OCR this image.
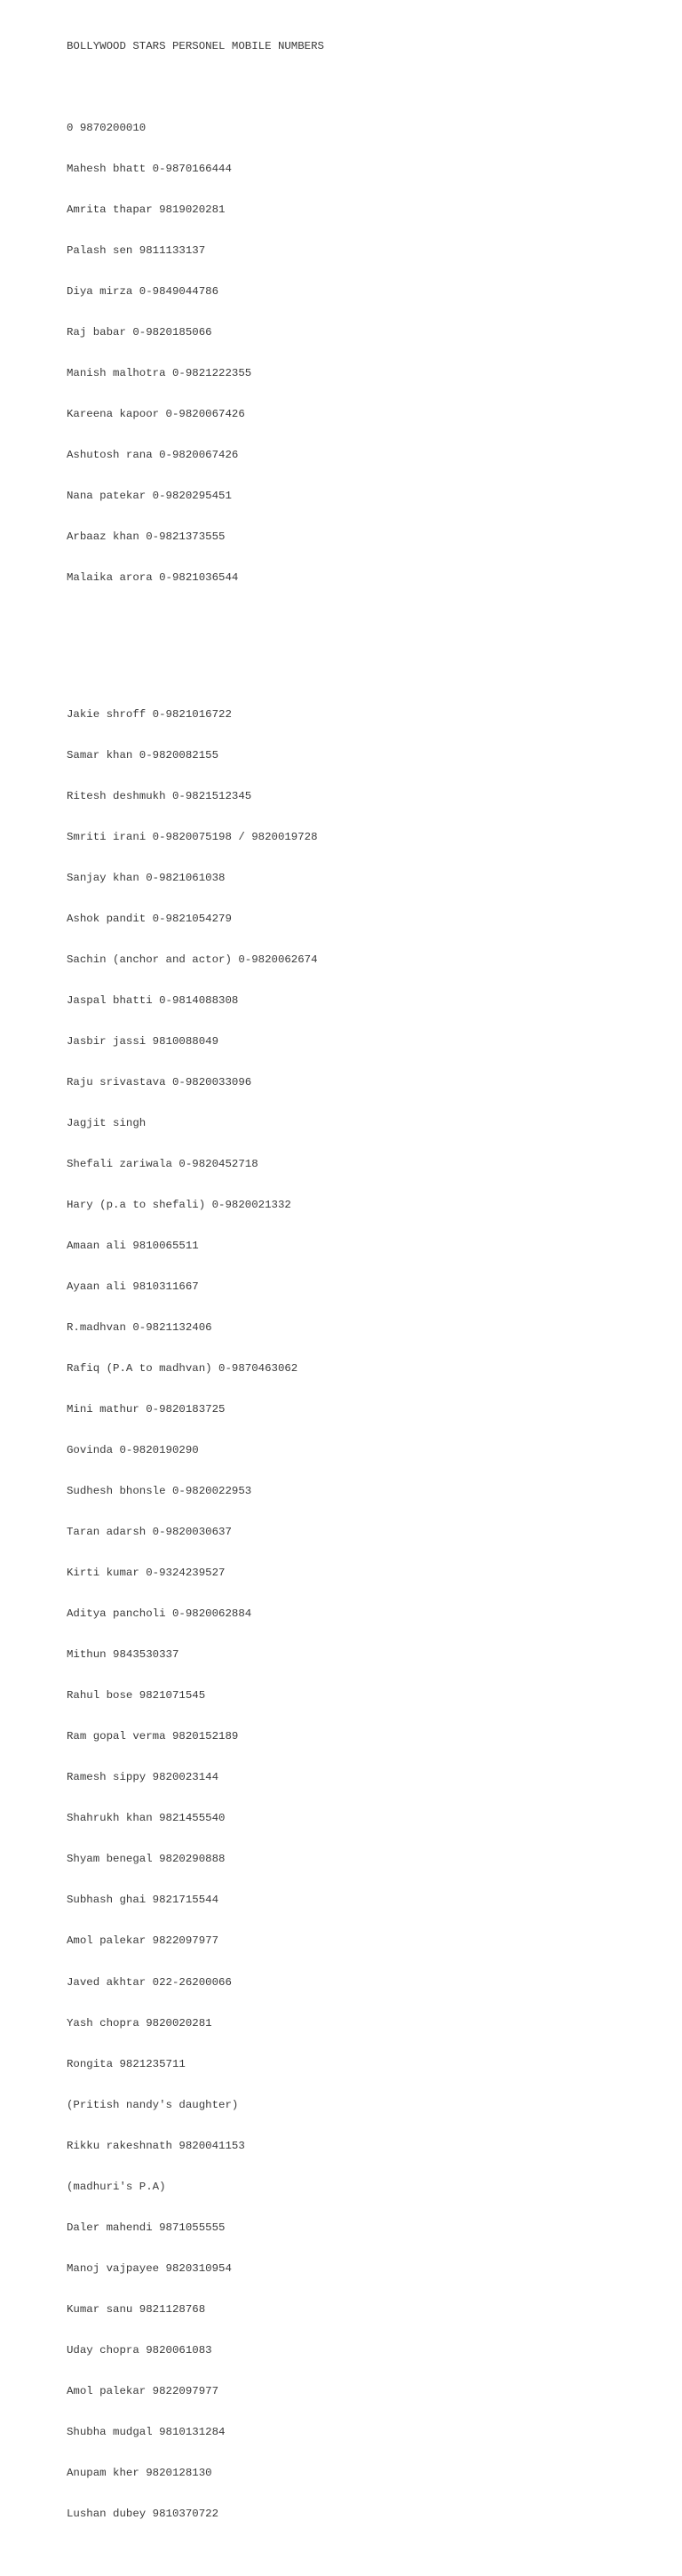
BOLLYWOOD STARS PERSONEL MOBILE NUMBERS

0 9870200010

Mahesh bhatt 0-9870166444

Amrita thapar 9819020281

Palash sen 9811133137

Diya mirza 0-9849044786

Raj babar 0-9820185066

Manish malhotra 0-9821222355

Kareena kapoor 0-9820067426

Ashutosh rana 0-9820067426

Nana patekar 0-9820295451

Arbaaz khan 0-9821373555

Malaika arora 0-9821036544

Jakie shroff 0-9821016722

Samar khan 0-9820082155

Ritesh deshmukh 0-9821512345

Smriti irani 0-9820075198 / 9820019728

Sanjay khan 0-9821061038

Ashok pandit 0-9821054279

Sachin (anchor and actor) 0-9820062674

Jaspal bhatti 0-9814088308

Jasbir jassi 9810088049

Raju srivastava 0-9820033096

Jagjit singh

Shefali zariwala 0-9820452718

Hary (p.a to shefali) 0-9820021332

Amaan ali 9810065511

Ayaan ali 9810311667

R.madhvan 0-9821132406

Rafiq (P.A to madhvan) 0-9870463062

Mini mathur 0-9820183725

Govinda 0-9820190290

Sudhesh bhonsle 0-9820022953

Taran adarsh 0-9820030637

Kirti kumar 0-9324239527

Aditya pancholi 0-9820062884

Mithun 9843530337

Rahul bose 9821071545

Ram gopal verma 9820152189

Ramesh sippy 9820023144

Shahrukh khan 9821455540

Shyam benegal 9820290888

Subhash ghai 9821715544

Amol palekar 9822097977

Javed akhtar 022-26200066

Yash chopra 9820020281

Rongita 9821235711

(Pritish nandy's daughter)

Rikku rakeshnath 9820041153

(madhuri's P.A)

Daler mahendi 9871055555

Manoj vajpayee 9820310954

Kumar sanu 9821128768

Uday chopra 9820061083

Amol palekar 9822097977

Shubha mudgal 9810131284

Anupam kher 9820128130

Lushan dubey 9810370722
